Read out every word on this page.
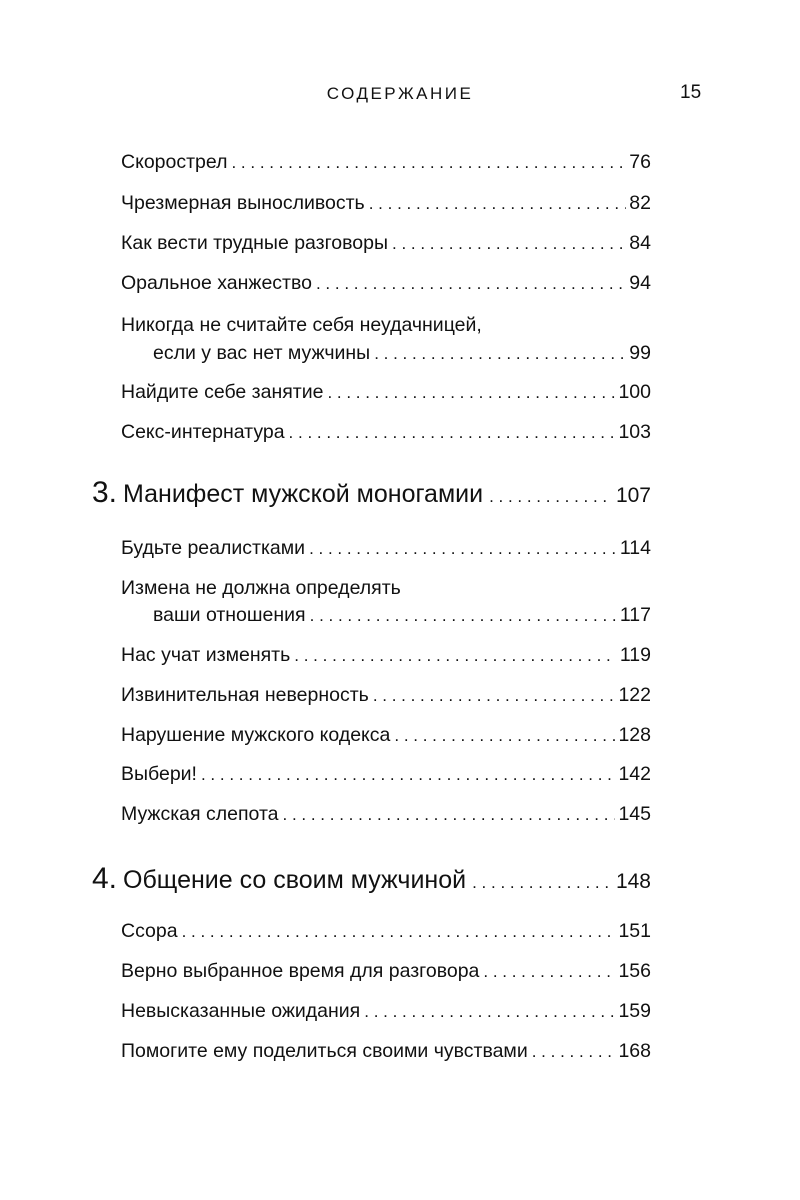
СОДЕРЖАНИЕ	15
Скорострел . . .	76
Чрезмерная выносливость . . .	82
Как вести трудные разговоры . . .	84
Оральное ханжество . . .	94
Никогда не считайте себя неудачницей,
если у вас нет мужчины . . .	99
Найдите себе занятие . . .	100
Секс-интернатура . . .	103
3. Манифест мужской моногамии . . .	107
Будьте реалистками . . .	114
Измена не должна определять
ваши отношения . . .	117
Нас учат изменять . . .	119
Извинительная неверность . . .	122
Нарушение мужского кодекса . . .	128
Выбери! . . .	142
Мужская слепота . . .	145
4. Общение со своим мужчиной . . .	148
Ссора . . .	151
Верно выбранное время для разговора . . .	156
Невысказанные ожидания . . .	159
Помогите ему поделиться своими чувствами . . .	168
